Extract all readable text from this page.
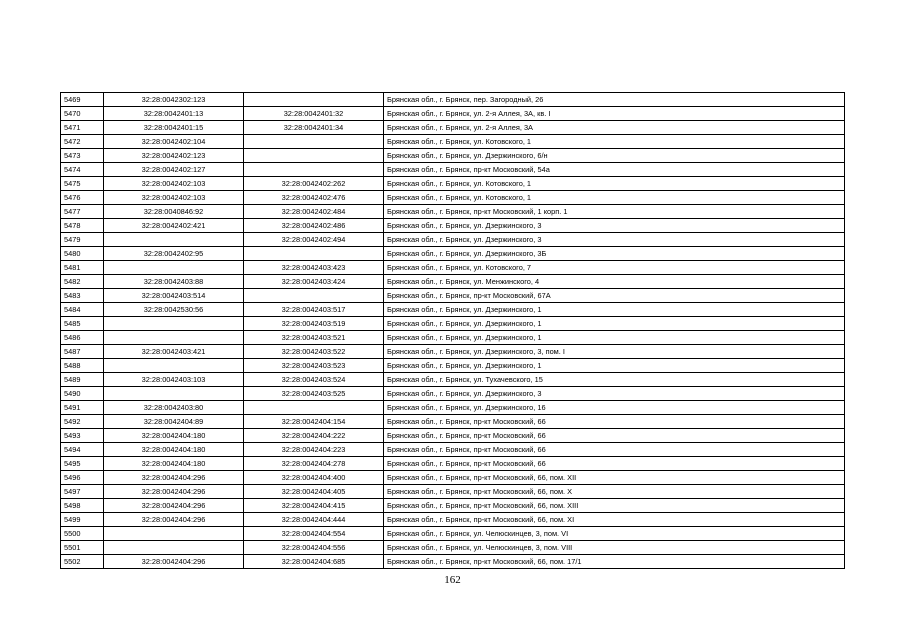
5469	32:28:0042302:123		Брянская обл., г. Брянск, пер. Загородный, 26
5470	32:28:0042401:13	32:28:0042401:32	Брянская обл., г. Брянск, ул. 2-я Аллея, 3А, кв. I
5471	32:28:0042401:15	32:28:0042401:34	Брянская обл., г. Брянск, ул. 2-я Аллея, 3А
5472	32:28:0042402:104		Брянская обл., г. Брянск, ул. Котовского, 1
5473	32:28:0042402:123		Брянская обл., г. Брянск, ул. Дзержинского, 6/н
5474	32:28:0042402:127		Брянская обл., г. Брянск, пр-кт Московский, 54а
5475	32:28:0042402:103	32:28:0042402:262	Брянская обл., г. Брянск, ул. Котовского, 1
5476	32:28:0042402:103	32:28:0042402:476	Брянская обл., г. Брянск, ул. Котовского, 1
5477	32:28:0040846:92	32:28:0042402:484	Брянская обл., г. Брянск, пр-кт Московский, 1 корп. 1
5478	32:28:0042402:421	32:28:0042402:486	Брянская обл., г. Брянск, ул. Дзержинского, 3
5479		32:28:0042402:494	Брянская обл., г. Брянск, ул. Дзержинского, 3
5480	32:28:0042402:95		Брянская обл., г. Брянск, ул. Дзержинского, 3Б
5481		32:28:0042403:423	Брянская обл., г. Брянск, ул. Котовского, 7
5482	32:28:0042403:88	32:28:0042403:424	Брянская обл., г. Брянск, ул. Менжинского, 4
5483	32:28:0042403:514		Брянская обл., г. Брянск, пр-кт Московский, 67А
5484	32:28:0042530:56	32:28:0042403:517	Брянская обл., г. Брянск, ул. Дзержинского, 1
5485		32:28:0042403:519	Брянская обл., г. Брянск, ул. Дзержинского, 1
5486		32:28:0042403:521	Брянская обл., г. Брянск, ул. Дзержинского, 1
5487	32:28:0042403:421	32:28:0042403:522	Брянская обл., г. Брянск, ул. Дзержинского, 3, пом. I
5488		32:28:0042403:523	Брянская обл., г. Брянск, ул. Дзержинского, 1
5489	32:28:0042403:103	32:28:0042403:524	Брянская обл., г. Брянск, ул. Тухачевского, 15
5490		32:28:0042403:525	Брянская обл., г. Брянск, ул. Дзержинского, 3
5491	32:28:0042403:80		Брянская обл., г. Брянск, ул. Дзержинского, 16
5492	32:28:0042404:89	32:28:0042404:154	Брянская обл., г. Брянск, пр-кт Московский, 66
5493	32:28:0042404:180	32:28:0042404:222	Брянская обл., г. Брянск, пр-кт Московский, 66
5494	32:28:0042404:180	32:28:0042404:223	Брянская обл., г. Брянск, пр-кт Московский, 66
5495	32:28:0042404:180	32:28:0042404:278	Брянская обл., г. Брянск, пр-кт Московский, 66
5496	32:28:0042404:296	32:28:0042404:400	Брянская обл., г. Брянск, пр-кт Московский, 66, пом. XII
5497	32:28:0042404:296	32:28:0042404:405	Брянская обл., г. Брянск, пр-кт Московский, 66, пом. X
5498	32:28:0042404:296	32:28:0042404:415	Брянская обл., г. Брянск, пр-кт Московский, 66, пом. XIII
5499	32:28:0042404:296	32:28:0042404:444	Брянская обл., г. Брянск, пр-кт Московский, 66, пом. XI
5500		32:28:0042404:554	Брянская обл., г. Брянск, ул. Челюскинцев, 3, пом. VI
5501		32:28:0042404:556	Брянская обл., г. Брянск, ул. Челюскинцев, 3, пом. VIII
5502	32:28:0042404:296	32:28:0042404:685	Брянская обл., г. Брянск, пр-кт Московский, 66, пом. 17/1
162
